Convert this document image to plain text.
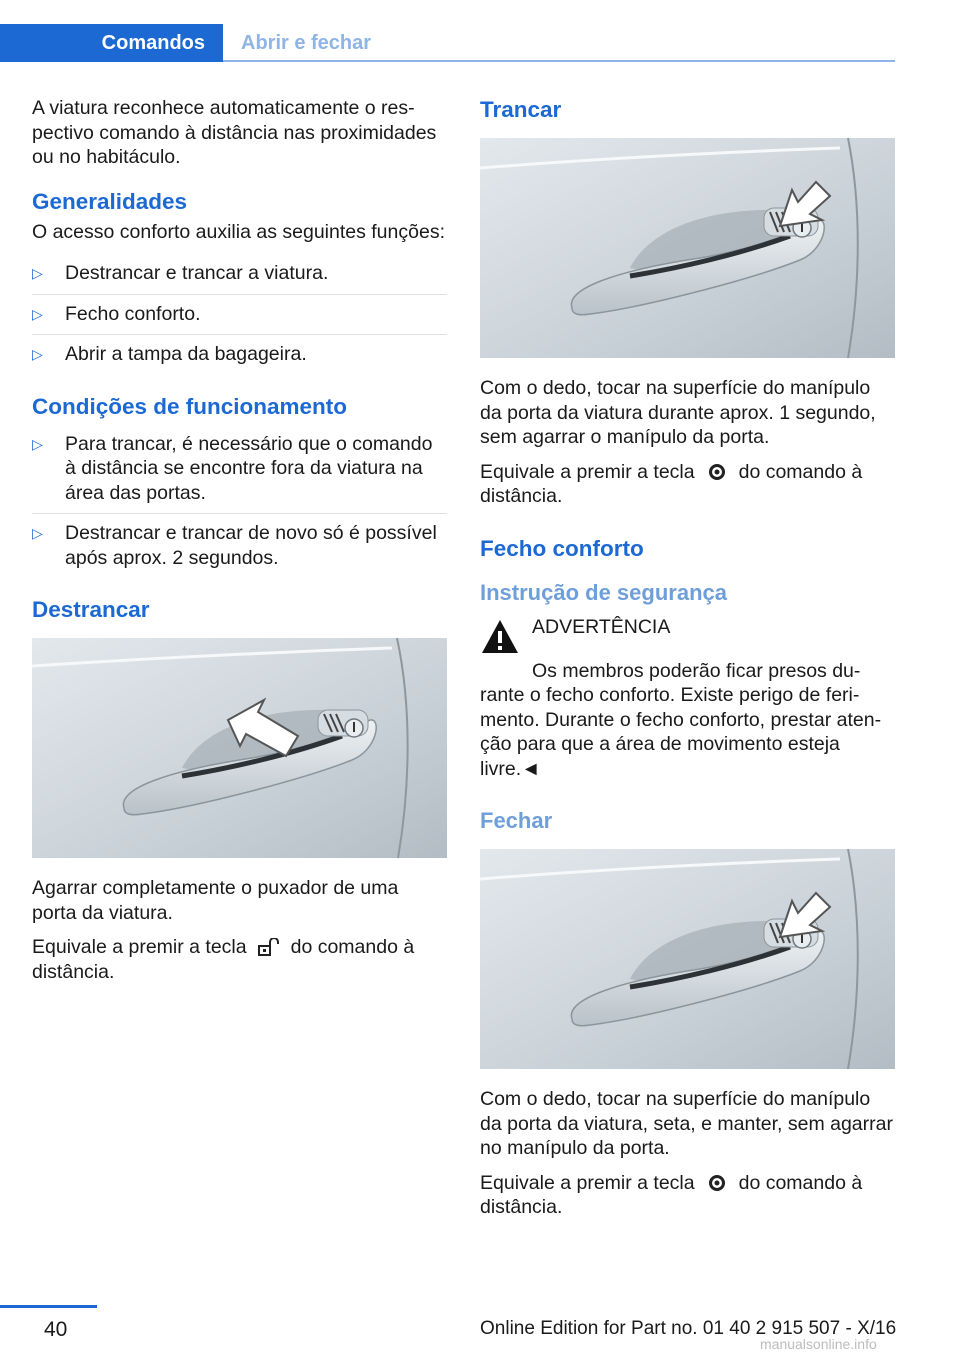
Comandos	Abrir e fechar

A viatura reconhece automaticamente o respectivo comando à distância nas proximidades ou no habitáculo.

Generalidades

O acesso conforto auxilia as seguintes funções:

▷ Destrancar e trancar a viatura.
▷ Fecho conforto.
▷ Abrir a tampa da bagageira.
Condições de funcionamento
▷ Para trancar, é necessário que o comando à distância se encontre fora da viatura na área das portas.
▷ Destrancar e trancar de novo só é possível após aprox. 2 segundos.
Destrancar

Agarrar completamente o puxador de uma porta da viatura.

Equivale a premir a tecla do comando à distância.

Trancar

Com o dedo, tocar na superfície do manípulo da porta da viatura durante aprox. 1 segundo, sem agarrar o manípulo da porta.

Equivale a premir a tecla do comando à distância.

Fecho conforto
Instrução de segurança
ADVERTÊNCIA

Os membros poderão ficar presos durante o fecho conforto. Existe perigo de ferimento. Durante o fecho conforto, prestar atenção para que a área de movimento esteja livre.◄

Fechar

Com o dedo, tocar na superfície do manípulo da porta da viatura, seta, e manter, sem agarrar no manípulo da porta.

Equivale a premir a tecla do comando à distância.

40	Online Edition for Part no. 01 40 2 915 507 - X/16
manualsonline.info
